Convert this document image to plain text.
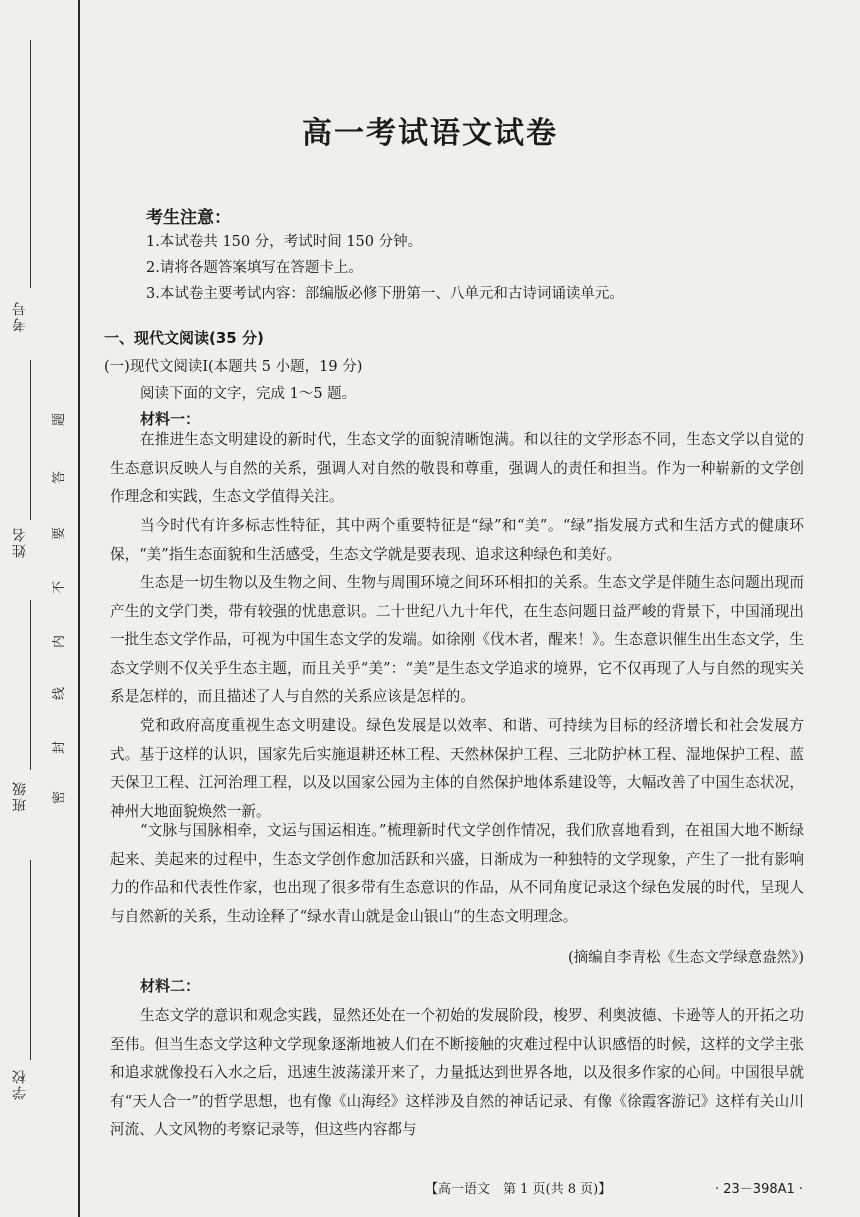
考号
姓名
班级
学校
密
封
线
内
不
要
答
题
高一考试语文试卷
考生注意：
1.本试卷共 150 分，考试时间 150 分钟。
2.请将各题答案填写在答题卡上。
3.本试卷主要考试内容：部编版必修下册第一、八单元和古诗词诵读单元。
一、现代文阅读(35 分)
(一)现代文阅读Ⅰ(本题共 5 小题，19 分)
阅读下面的文字，完成 1～5 题。
材料一：

在推进生态文明建设的新时代，生态文学的面貌清晰饱满。和以往的文学形态不同，生态文学以自觉的生态意识反映人与自然的关系，强调人对自然的敬畏和尊重，强调人的责任和担当。作为一种崭新的文学创作理念和实践，生态文学值得关注。

当今时代有许多标志性特征，其中两个重要特征是“绿”和“美”。“绿”指发展方式和生活方式的健康环保，“美”指生态面貌和生活感受，生态文学就是要表现、追求这种绿色和美好。

生态是一切生物以及生物之间、生物与周围环境之间环环相扣的关系。生态文学是伴随生态问题出现而产生的文学门类，带有较强的忧患意识。二十世纪八九十年代，在生态问题日益严峻的背景下，中国涌现出一批生态文学作品，可视为中国生态文学的发端。如徐刚《伐木者，醒来！》。生态意识催生出生态文学，生态文学则不仅关乎生态主题，而且关乎“美”：“美”是生态文学追求的境界，它不仅再现了人与自然的现实关系是怎样的，而且描述了人与自然的关系应该是怎样的。

党和政府高度重视生态文明建设。绿色发展是以效率、和谐、可持续为目标的经济增长和社会发展方式。基于这样的认识，国家先后实施退耕还林工程、天然林保护工程、三北防护林工程、湿地保护工程、蓝天保卫工程、江河治理工程，以及以国家公园为主体的自然保护地体系建设等，大幅改善了中国生态状况，神州大地面貌焕然一新。

“文脉与国脉相牵，文运与国运相连。”梳理新时代文学创作情况，我们欣喜地看到，在祖国大地不断绿起来、美起来的过程中，生态文学创作愈加活跃和兴盛，日渐成为一种独特的文学现象，产生了一批有影响力的作品和代表性作家，也出现了很多带有生态意识的作品，从不同角度记录这个绿色发展的时代，呈现人与自然新的关系，生动诠释了“绿水青山就是金山银山”的生态文明理念。

(摘编自李青松《生态文学绿意盎然》)
材料二：

生态文学的意识和观念实践，显然还处在一个初始的发展阶段，梭罗、利奥波德、卡逊等人的开拓之功至伟。但当生态文学这种文学现象逐渐地被人们在不断接触的灾难过程中认识感悟的时候，这样的文学主张和追求就像投石入水之后，迅速生波荡漾开来了，力量抵达到世界各地，以及很多作家的心间。中国很早就有“天人合一”的哲学思想，也有像《山海经》这样涉及自然的神话记录、有像《徐霞客游记》这样有关山川河流、人文风物的考察记录等，但这些内容都与

【高一语文　第 1 页(共 8 页)】	· 23－398A1 ·
